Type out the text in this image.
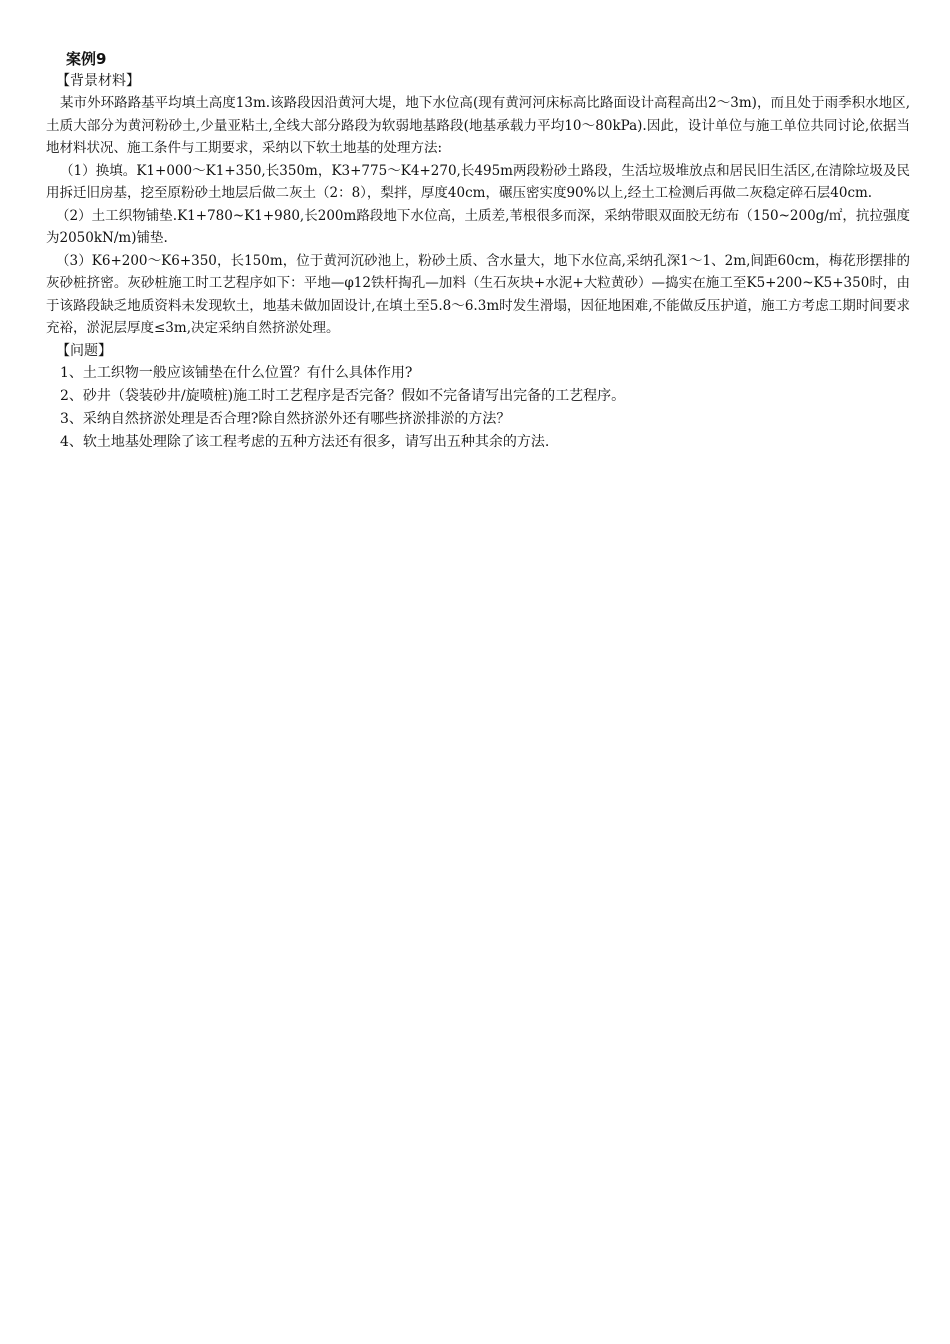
案例9
【背景材料】

某市外环路路基平均填土高度13m.该路段因沿黄河大堤，地下水位高(现有黄河河床标高比路面设计高程高出2～3m)，而且处于雨季积水地区,土质大部分为黄河粉砂土,少量亚粘土,全线大部分路段为软弱地基路段(地基承载力平均10～80kPa).因此，设计单位与施工单位共同讨论,依据当地材料状况、施工条件与工期要求，采纳以下软土地基的处理方法:

（1）换填。K1+000～K1+350,长350m，K3+775～K4+270,长495m两段粉砂土路段，生活垃圾堆放点和居民旧生活区,在清除垃圾及民用拆迁旧房基，挖至原粉砂土地层后做二灰土（2：8），梨拌，厚度40cm，碾压密实度90%以上,经土工检测后再做二灰稳定碎石层40cm.

（2）土工织物铺垫.K1+780~K1+980,长200m路段地下水位高，土质差,苇根很多而深，采纳带眼双面胶无纺布（150~200g/㎡，抗拉强度为2050kN/m)铺垫.

（3）K6+200～K6+350，长150m，位于黄河沉砂池上，粉砂土质、含水量大，地下水位高,采纳孔深1～1、2m,间距60cm，梅花形摆排的灰砂桩挤密。灰砂桩施工时工艺程序如下：平地—φ12铁杆掏孔—加料（生石灰块+水泥+大粒黄砂）—捣实在施工至K5+200~K5+350时，由于该路段缺乏地质资料未发现软土，地基未做加固设计,在填土至5.8～6.3m时发生滑塌，因征地困难,不能做反压护道，施工方考虑工期时间要求充裕，淤泥层厚度≤3m,决定采纳自然挤淤处理。

【问题】
1、土工织物一般应该铺垫在什么位置？有什么具体作用?
2、砂井（袋装砂井/旋喷桩)施工时工艺程序是否完备？假如不完备请写出完备的工艺程序。
3、采纳自然挤淤处理是否合理?除自然挤淤外还有哪些挤淤排淤的方法？
4、软土地基处理除了该工程考虑的五种方法还有很多，请写出五种其余的方法.
